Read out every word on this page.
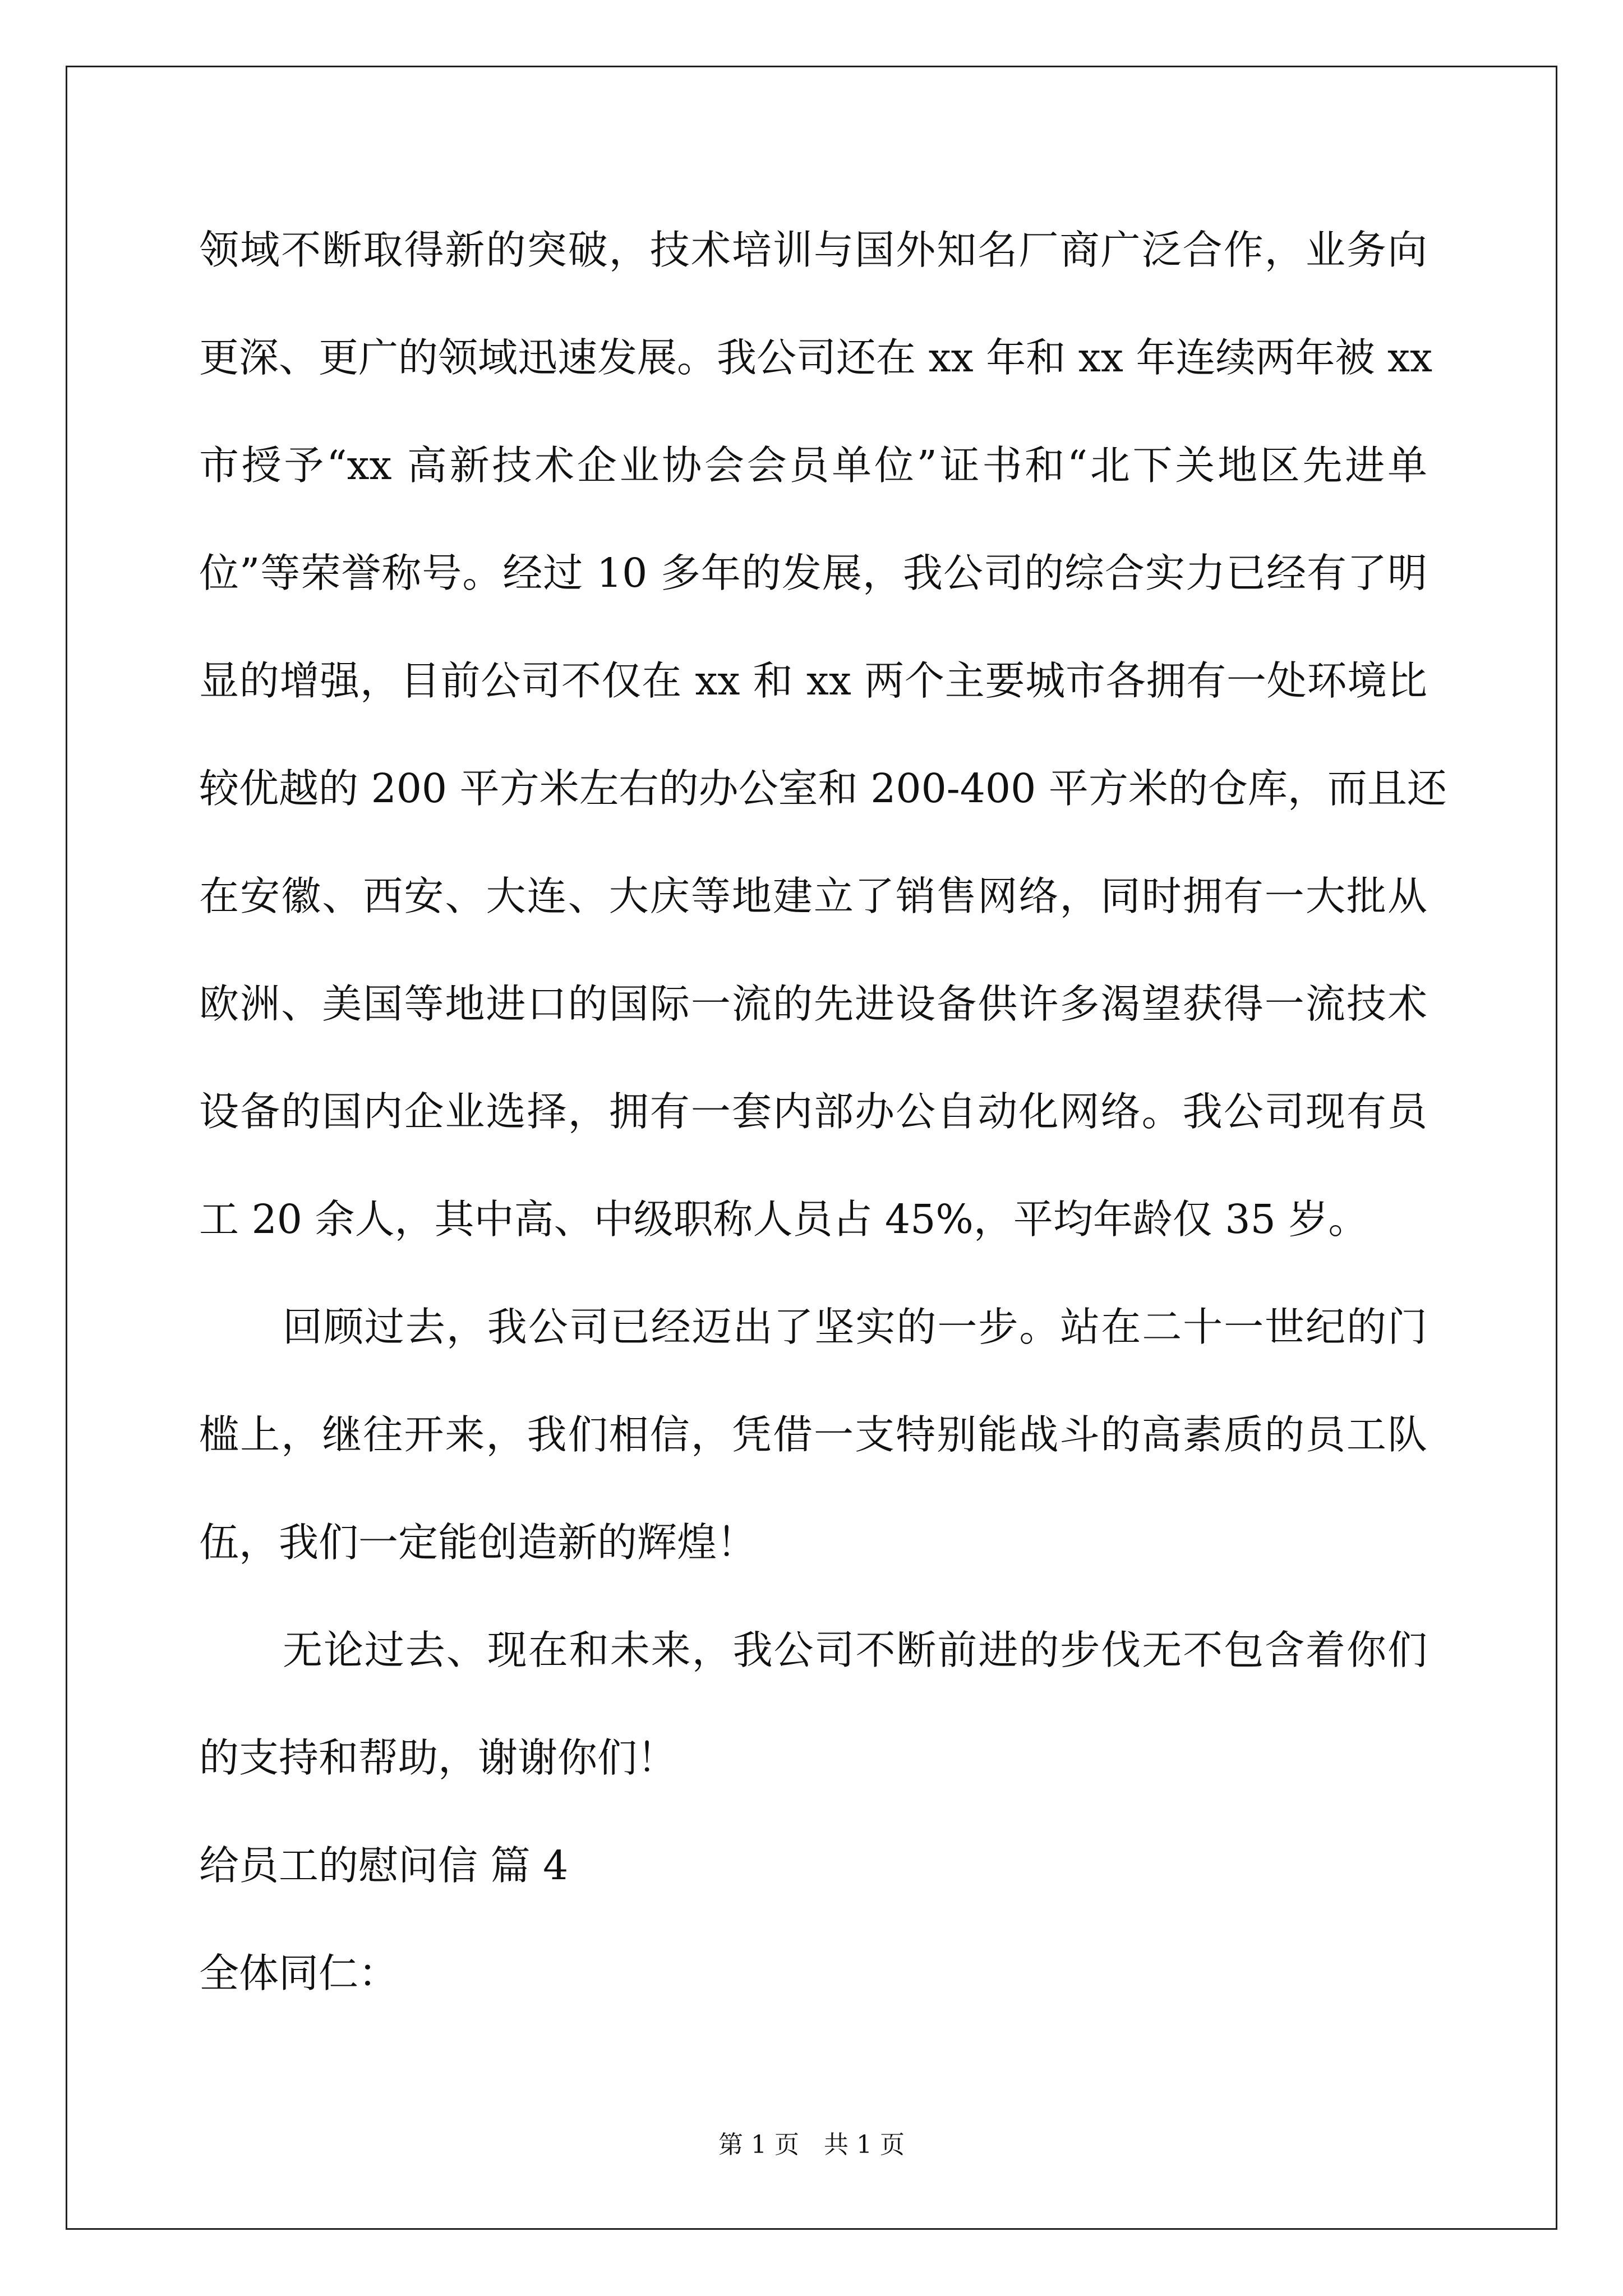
领域不断取得新的突破，技术培训与国外知名厂商广泛合作，业务向
更深、更广的领域迅速发展。我公司还在 xx 年和 xx 年连续两年被 xx
市授予“xx 高新技术企业协会会员单位”证书和“北下关地区先进单
位”等荣誉称号。经过 10 多年的发展，我公司的综合实力已经有了明
显的增强，目前公司不仅在 xx 和 xx 两个主要城市各拥有一处环境比
较优越的 200 平方米左右的办公室和 200-400 平方米的仓库，而且还
在安徽、西安、大连、大庆等地建立了销售网络，同时拥有一大批从
欧洲、美国等地进口的国际一流的先进设备供许多渴望获得一流技术
设备的国内企业选择，拥有一套内部办公自动化网络。我公司现有员
工 20 余人，其中高、中级职称人员占 45%，平均年龄仅 35 岁。
回顾过去，我公司已经迈出了坚实的一步。站在二十一世纪的门
槛上，继往开来，我们相信，凭借一支特别能战斗的高素质的员工队
伍，我们一定能创造新的辉煌！
无论过去、现在和未来，我公司不断前进的步伐无不包含着你们
的支持和帮助，谢谢你们！
给员工的慰问信 篇 4
全体同仁：
第 1 页　共 1 页
